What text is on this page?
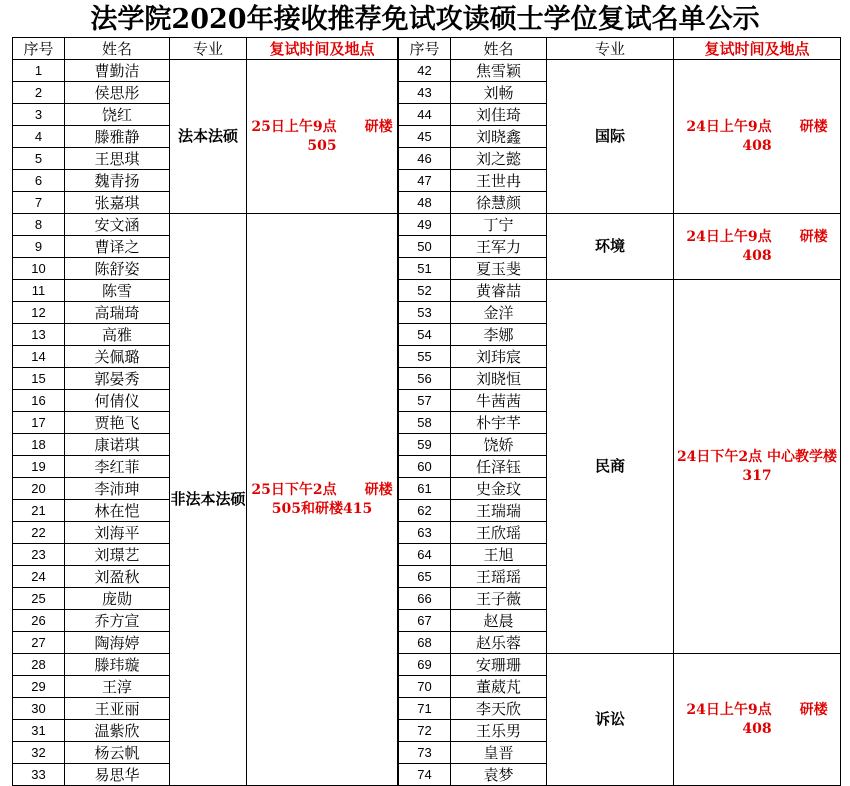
法学院2020年接收推荐免试攻读硕士学位复试名单公示
序号	姓名	专业	复试时间及地点
1	曹勤洁	法本法硕	25日上午9点　　研楼505
2	侯思彤		
3	饶红		
4	滕雅静		
5	王思琪		
6	魏青扬		
7	张嘉琪		
8	安文涵	非法本法硕	25日下午2点　　研楼505和研楼415
9	曹译之		
10	陈舒姿		
11	陈雪		
12	高瑞琦		
13	高雅		
14	关佩璐		
15	郭晏秀		
16	何倩仪		
17	贾艳飞		
18	康诺琪		
19	李红菲		
20	李沛珅		
21	林在恺		
22	刘海平		
23	刘璟艺		
24	刘盈秋		
25	庞勋		
26	乔方宣		
27	陶海婷		
28	滕玮璇		
29	王淳		
30	王亚丽		
31	温紫欣		
32	杨云帆		
33	易思华		
序号	姓名	专业	复试时间及地点
42	焦雪颖	国际	24日上午9点　　研楼408
43	刘畅		
44	刘佳琦		
45	刘晓鑫		
46	刘之懿		
47	王世冉		
48	徐慧颜		
49	丁宁	环境	24日上午9点　　研楼408
50	王军力		
51	夏玉斐		
52	黄睿喆	民商	24日下午2点 中心教学楼317
53	金洋		
54	李娜		
55	刘玮宸		
56	刘晓恒		
57	牛茜茜		
58	朴宇芊		
59	饶娇		
60	任泽钰		
61	史金玟		
62	王瑞瑞		
63	王欣瑶		
64	王旭		
65	王瑶瑶		
66	王子薇		
67	赵晨		
68	赵乐蓉		
69	安珊珊	诉讼	24日上午9点　　研楼408
70	董葳芃		
71	李天欣		
72	王乐男		
73	皇晋		
74	袁梦		
